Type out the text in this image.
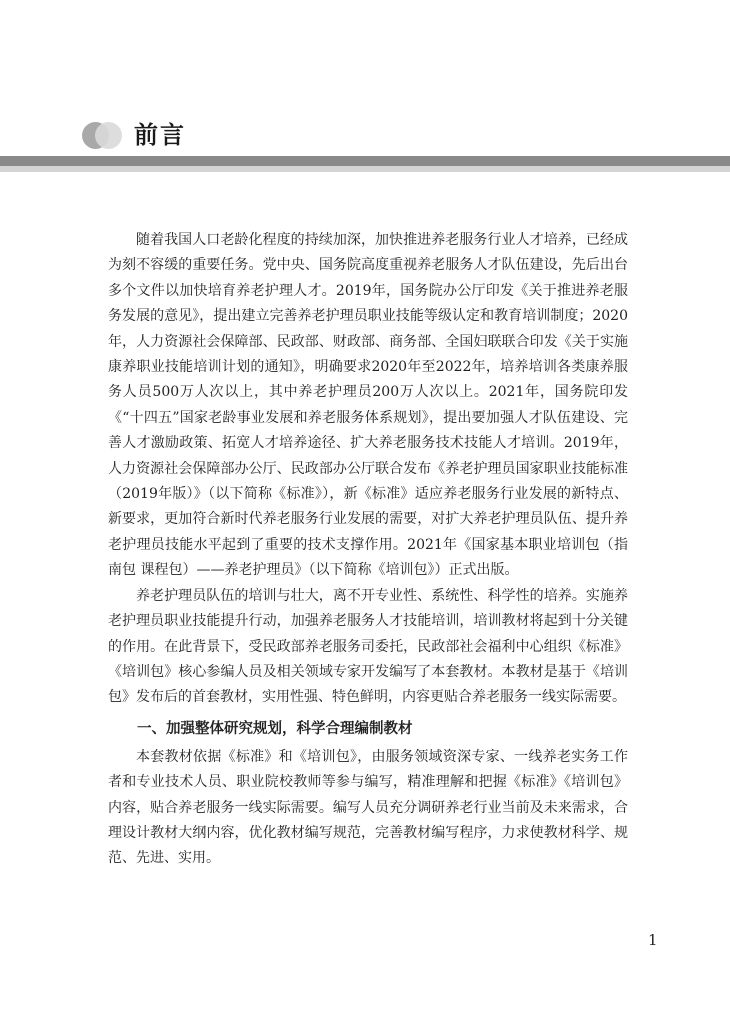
前言

随着我国人口老龄化程度的持续加深，加快推进养老服务行业人才培养，已经成为刻不容缓的重要任务。党中央、国务院高度重视养老服务人才队伍建设，先后出台多个文件以加快培育养老护理人才。2019年，国务院办公厅印发《关于推进养老服务发展的意见》，提出建立完善养老护理员职业技能等级认定和教育培训制度；2020年，人力资源社会保障部、民政部、财政部、商务部、全国妇联联合印发《关于实施康养职业技能培训计划的通知》，明确要求2020年至2022年，培养培训各类康养服务人员500万人次以上，其中养老护理员200万人次以上。2021年，国务院印发《“十四五”国家老龄事业发展和养老服务体系规划》，提出要加强人才队伍建设、完善人才激励政策、拓宽人才培养途径、扩大养老服务技术技能人才培训。2019年，人力资源社会保障部办公厅、民政部办公厅联合发布《养老护理员国家职业技能标准（2019年版）》（以下简称《标准》），新《标准》适应养老服务行业发展的新特点、新要求，更加符合新时代养老服务行业发展的需要，对扩大养老护理员队伍、提升养老护理员技能水平起到了重要的技术支撑作用。2021年《国家基本职业培训包（指南包 课程包）——养老护理员》（以下简称《培训包》）正式出版。

养老护理员队伍的培训与壮大，离不开专业性、系统性、科学性的培养。实施养老护理员职业技能提升行动，加强养老服务人才技能培训，培训教材将起到十分关键的作用。在此背景下，受民政部养老服务司委托，民政部社会福利中心组织《标准》《培训包》核心参编人员及相关领域专家开发编写了本套教材。本教材是基于《培训包》发布后的首套教材，实用性强、特色鲜明，内容更贴合养老服务一线实际需要。

一、加强整体研究规划，科学合理编制教材

本套教材依据《标准》和《培训包》，由服务领域资深专家、一线养老实务工作者和专业技术人员、职业院校教师等参与编写，精准理解和把握《标准》《培训包》内容，贴合养老服务一线实际需要。编写人员充分调研养老行业当前及未来需求，合理设计教材大纲内容，优化教材编写规范，完善教材编写程序，力求使教材科学、规范、先进、实用。

1
